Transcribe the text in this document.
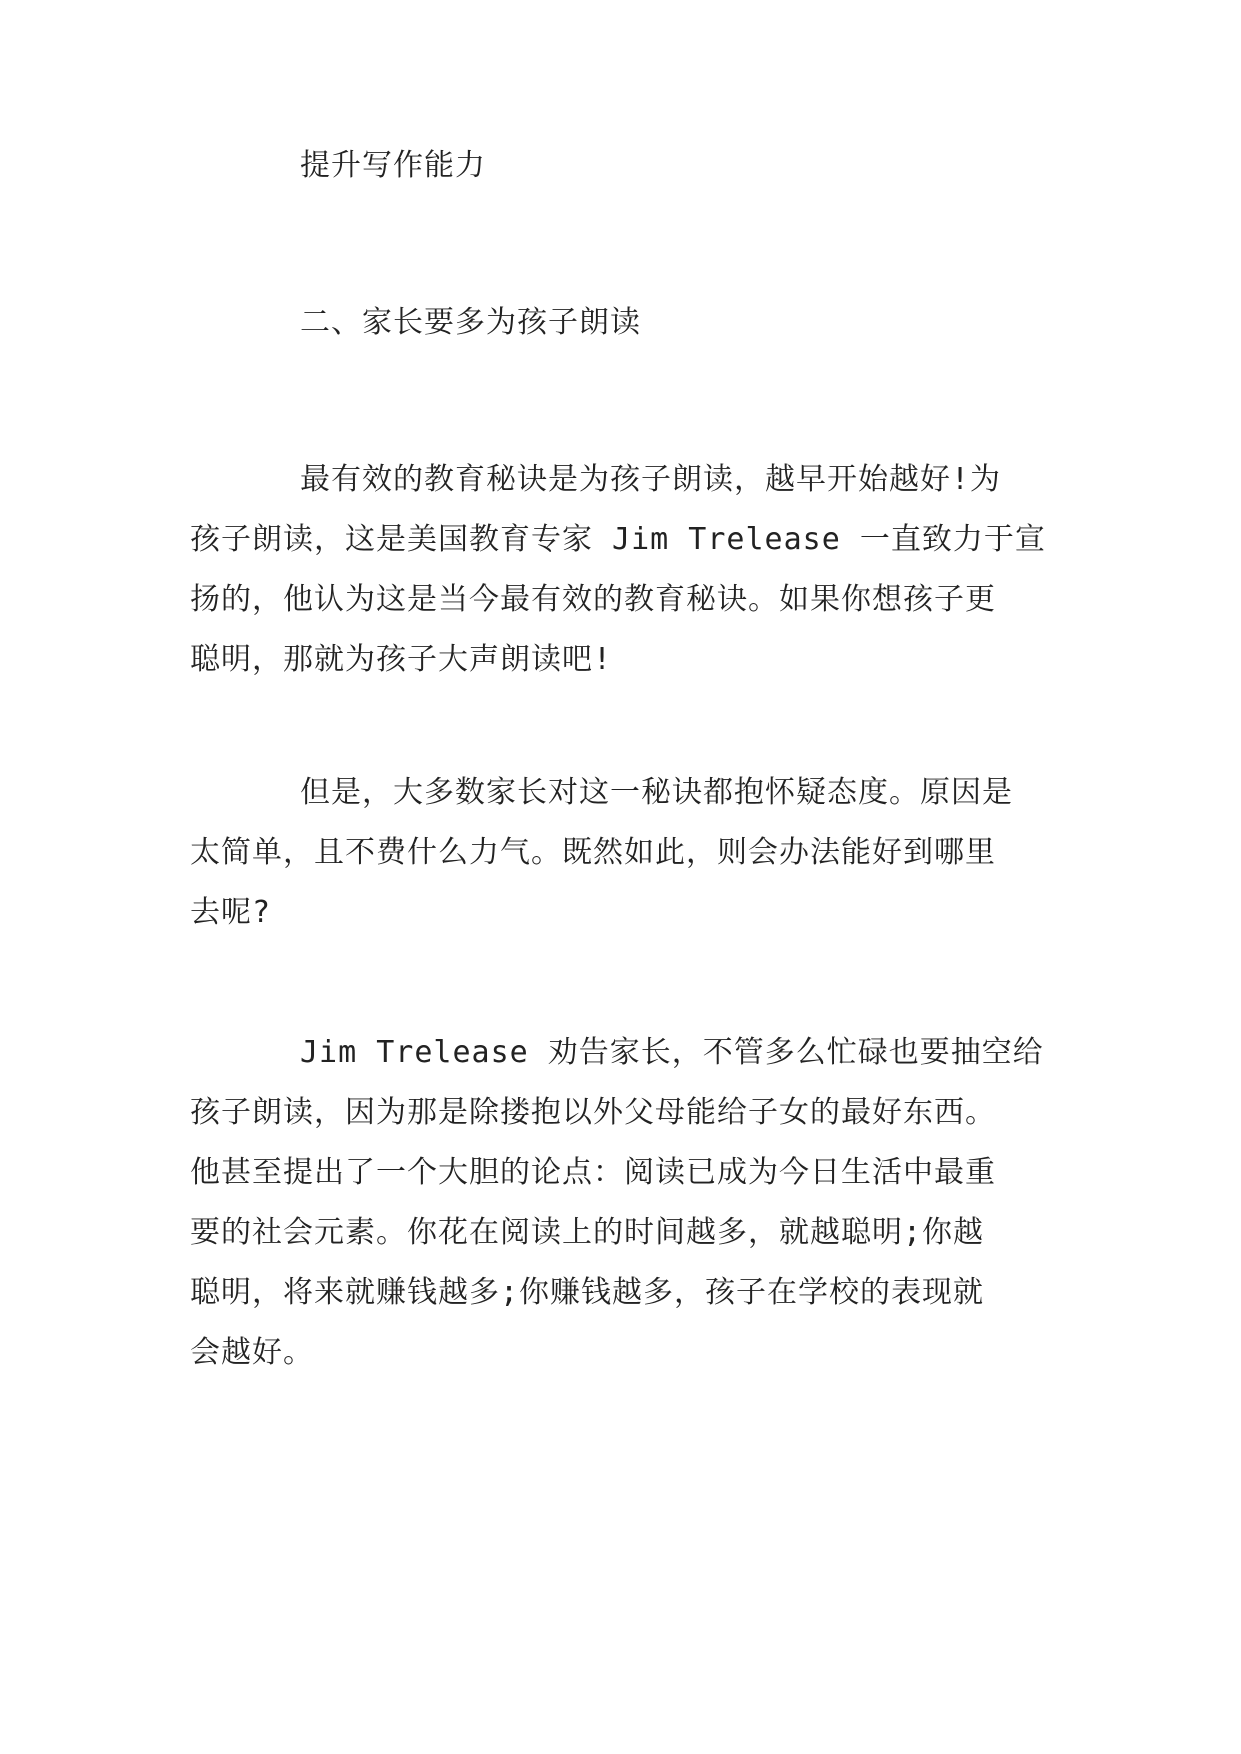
提升写作能力
二、家长要多为孩子朗读
最有效的教育秘诀是为孩子朗读，越早开始越好!为
孩子朗读，这是美国教育专家 Jim Trelease 一直致力于宣
扬的，他认为这是当今最有效的教育秘诀。如果你想孩子更
聪明，那就为孩子大声朗读吧!
但是，大多数家长对这一秘诀都抱怀疑态度。原因是
太简单，且不费什么力气。既然如此，则会办法能好到哪里
去呢?
Jim Trelease 劝告家长，不管多么忙碌也要抽空给
孩子朗读，因为那是除搂抱以外父母能给子女的最好东西。
他甚至提出了一个大胆的论点：阅读已成为今日生活中最重
要的社会元素。你花在阅读上的时间越多，就越聪明;你越
聪明，将来就赚钱越多;你赚钱越多，孩子在学校的表现就
会越好。
